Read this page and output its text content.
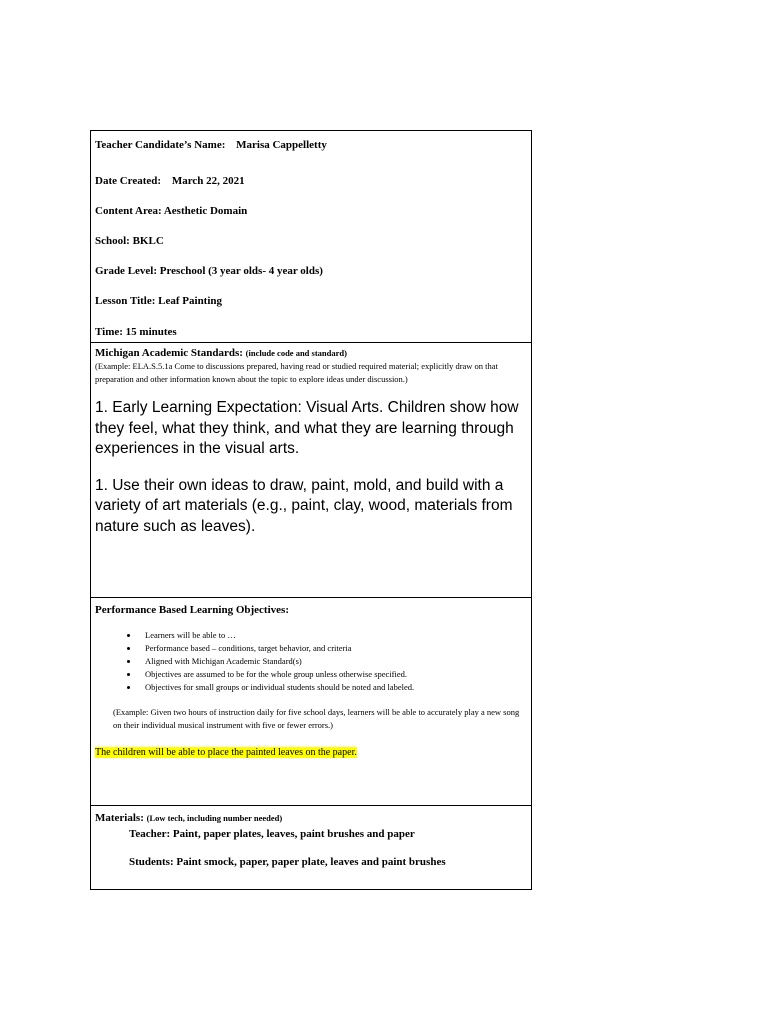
Teacher Candidate’s Name: Marisa Cappelletty

Date Created: March 22, 2021

Content Area: Aesthetic Domain

School: BKLC

Grade Level: Preschool (3 year olds- 4 year olds)

Lesson Title: Leaf Painting

Time: 15 minutes

Michigan Academic Standards: (include code and standard)

(Example: ELA.S.5.1a Come to discussions prepared, having read or studied required material; explicitly draw on that preparation and other information known about the topic to explore ideas under discussion.)

1. Early Learning Expectation: Visual Arts. Children show how they feel, what they think, and what they are learning through experiences in the visual arts.

1. Use their own ideas to draw, paint, mold, and build with a variety of art materials (e.g., paint, clay, wood, materials from nature such as leaves).

Performance Based Learning Objectives:

• Learners will be able to …
• Performance based – conditions, target behavior, and criteria
• Aligned with Michigan Academic Standard(s)
• Objectives are assumed to be for the whole group unless otherwise specified.
• Objectives for small groups or individual students should be noted and labeled.

(Example: Given two hours of instruction daily for five school days, learners will be able to accurately play a new song on their individual musical instrument with five or fewer errors.)

The children will be able to place the painted leaves on the paper.

Materials: (Low tech, including number needed)

Teacher: Paint, paper plates, leaves, paint brushes and paper

Students: Paint smock, paper, paper plate, leaves and paint brushes
